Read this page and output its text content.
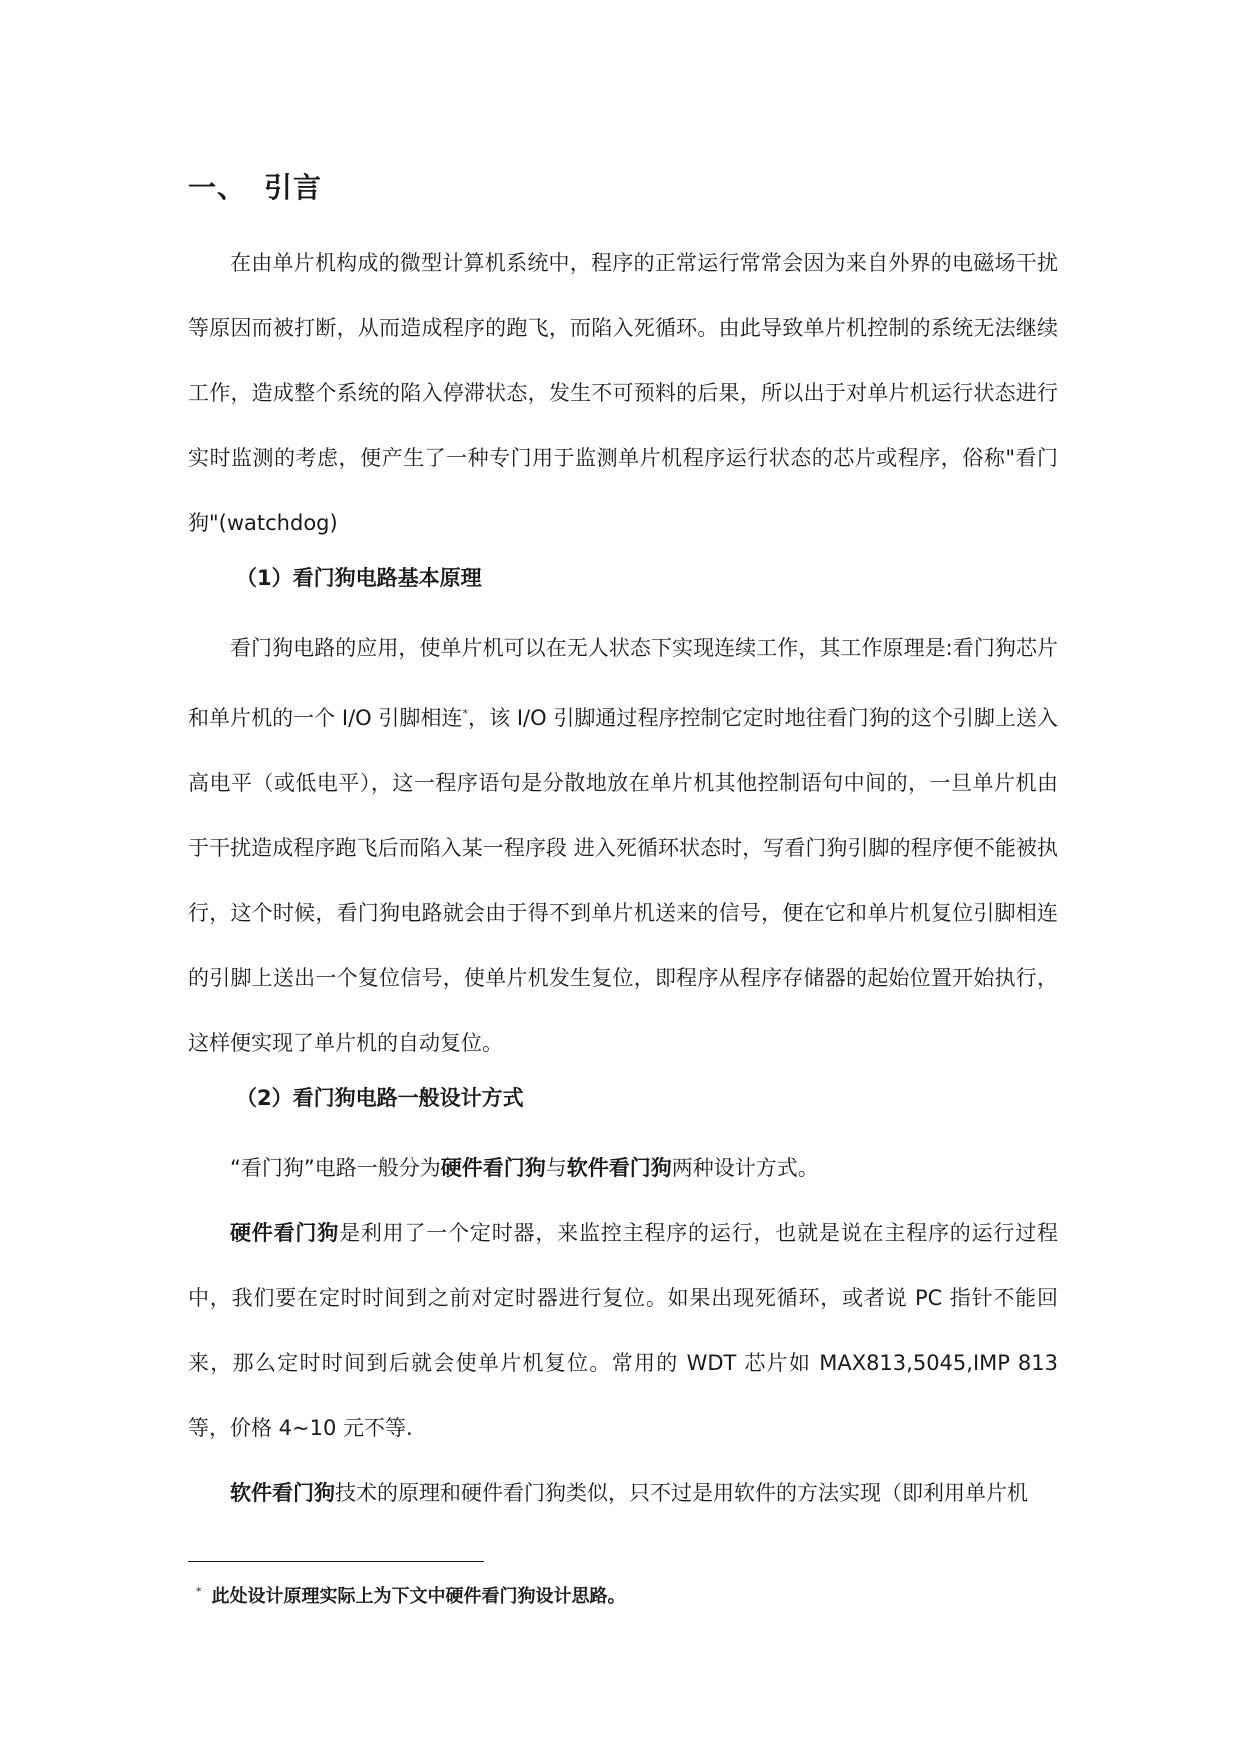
一、 引言

在由单片机构成的微型计算机系统中，程序的正常运行常常会因为来自外界的电磁场干扰等原因而被打断，从而造成程序的跑飞，而陷入死循环。由此导致单片机控制的系统无法继续工作，造成整个系统的陷入停滞状态，发生不可预料的后果，所以出于对单片机运行状态进行实时监测的考虑，便产生了一种专门用于监测单片机程序运行状态的芯片或程序，俗称"看门狗"(watchdog)

（1）看门狗电路基本原理

看门狗电路的应用，使单片机可以在无人状态下实现连续工作，其工作原理是:看门狗芯片和单片机的一个 I/O 引脚相连*，该 I/O 引脚通过程序控制它定时地往看门狗的这个引脚上送入高电平（或低电平），这一程序语句是分散地放在单片机其他控制语句中间的，一旦单片机由于干扰造成程序跑飞后而陷入某一程序段 进入死循环状态时，写看门狗引脚的程序便不能被执行，这个时候，看门狗电路就会由于得不到单片机送来的信号，便在它和单片机复位引脚相连的引脚上送出一个复位信号，使单片机发生复位，即程序从程序存储器的起始位置开始执行，这样便实现了单片机的自动复位。

（2）看门狗电路一般设计方式

“看门狗”电路一般分为硬件看门狗与软件看门狗两种设计方式。

硬件看门狗是利用了一个定时器，来监控主程序的运行，也就是说在主程序的运行过程中，我们要在定时时间到之前对定时器进行复位。如果出现死循环，或者说 PC 指针不能回来，那么定时时间到后就会使单片机复位。常用的 WDT 芯片如 MAX813,5045,IMP 813 等，价格 4~10 元不等.

软件看门狗技术的原理和硬件看门狗类似，只不过是用软件的方法实现（即利用单片机

* 此处设计原理实际上为下文中硬件看门狗设计思路。
